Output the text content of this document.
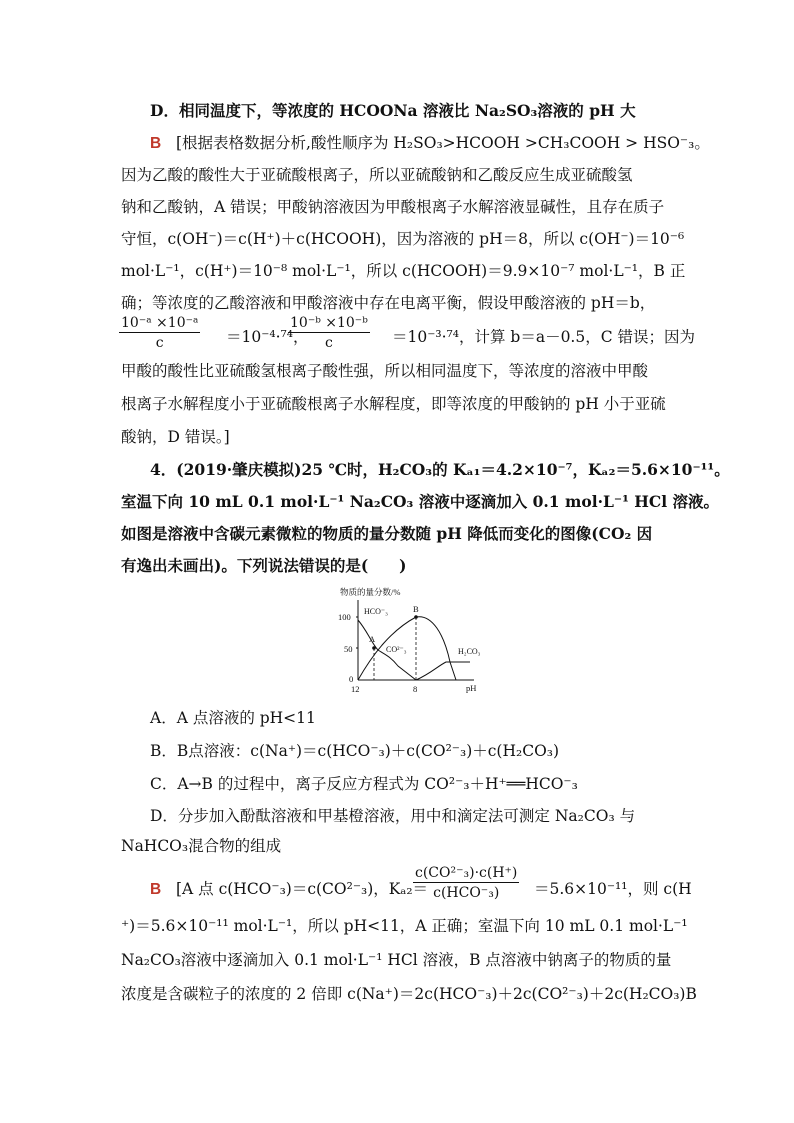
D．相同温度下，等浓度的 HCOONa 溶液比 Na₂SO₃溶液的 pH 大
B [根据表格数据分析,酸性顺序为 H₂SO₃>HCOOH >CH₃COOH > HSO⁻₃。
因为乙酸的酸性大于亚硫酸根离子，所以亚硫酸钠和乙酸反应生成亚硫酸氢
钠和乙酸钠，A 错误；甲酸钠溶液因为甲酸根离子水解溶液显碱性，且存在质子
守恒，c(OH⁻)＝c(H⁺)＋c(HCOOH)，因为溶液的 pH＝8，所以 c(OH⁻)＝10⁻⁶
mol·L⁻¹，c(H⁺)＝10⁻⁸ mol·L⁻¹，所以 c(HCOOH)＝9.9×10⁻⁷ mol·L⁻¹，B 正
确；等浓度的乙酸溶液和甲酸溶液中存在电离平衡，假设甲酸溶液的 pH＝b，
$\frac{\text{10⁻ᵃ ×10⁻ᵃ}}{c} =10^{-4}\cdot^{74}$，
$\frac{\text{10⁻ᵇ ×10⁻ᵇ}}{c} =10^{-3}\cdot^{74}$，计算 b＝a－0.5，C 错误；因为
甲酸的酸性比亚硫酸氢根离子酸性强，所以相同温度下，等浓度的溶液中甲酸
根离子水解程度小于亚硫酸根离子水解程度，即等浓度的甲酸钠的 pH 小于亚硫
酸钠，D 错误。]
4．(2019·肇庆模拟)25 ℃时，H₂CO₃的 Kₐ₁＝4.2×10⁻⁷，Kₐ₂＝5.6×10⁻¹¹。
室温下向 10 mL 0.1 mol·L⁻¹ Na₂CO₃ 溶液中逐滴加入 0.1 mol·L⁻¹ HCl 溶液。
如图是溶液中含碳元素微粒的物质的量分数随 pH 降低而变化的图像(CO₂ 因
有逸出未画出)。下列说法错误的是(　　)
物质的量分数/%
100
50
0
12	8	pH
A
B
HCO⁻₃
CO²⁻₃	H₂CO₃
A．A 点溶液的 pH<11
B．B点溶液：c(Na⁺)＝c(HCO⁻₃)＋c(CO²⁻₃)＋c(H₂CO₃)
C．A→B 的过程中，离子反应方程式为 CO²⁻₃＋H⁺══HCO⁻₃
D．分步加入酚酞溶液和甲基橙溶液，用中和滴定法可测定 Na₂CO₃ 与
NaHCO₃混合物的组成
B [A 点 c(HCO⁻₃)＝c(CO²⁻₃)，Kₐ₂＝
c(CO²⁻₃)·c(H⁺)
c(HCO⁻₃)	＝5.6×10⁻¹¹，则 c(H
⁺)＝5.6×10⁻¹¹ mol·L⁻¹，所以 pH<11，A 正确；室温下向 10 mL 0.1 mol·L⁻¹
Na₂CO₃溶液中逐滴加入 0.1 mol·L⁻¹ HCl 溶液，B 点溶液中钠离子的物质的量
浓度是含碳粒子的浓度的 2 倍即 c(Na⁺)＝2c(HCO⁻₃)＋2c(CO²⁻₃)＋2c(H₂CO₃)B
